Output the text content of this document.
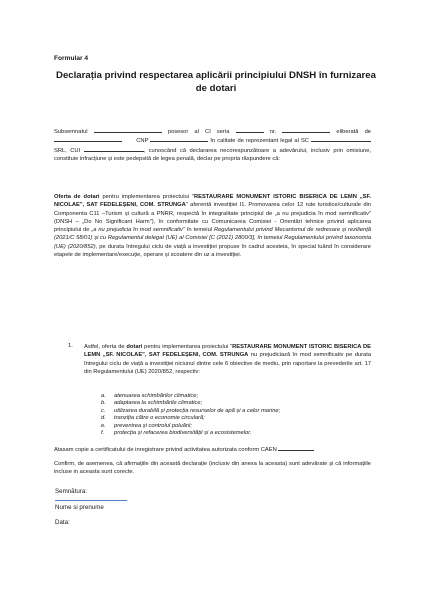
Formular 4

Declarația privind respectarea aplicării principiului DNSH în furnizarea de dotari

Subsemnatul	posesor al CI seria	nr.	eliberată de        CNP	în calitate de reprezentant legal al SC  SRL, CUI	, cunoscând că declararea necorespunzătoare a adevărului, inclusiv prin omisiune, constituie infracțiune și este pedepsită de legea penală, declar pe propria răspundere că:

Oferta de dotari pentru implementarea proiectului "RESTAURARE MONUMENT ISTORIC BISERICA DE LEMN „SF. NICOLAE", SAT FEDELEȘENI, COM. STRUNGA" aferentă investiției I1. Promovarea celor 12 rute turistice/culturale din Componenta C11 –Turism și cultură a PNRR, respectă în integralitate principiul de „a nu prejudicia în mod semnificativ" (DNSH – „Do No Significant Harm"), în conformitate cu Comunicarea Comisiei - Orientări tehnice privind aplicarea principiului de „a nu prejudicia în mod semnificativ" în temeiul Regulamentului privind Mecanismul de redresare și reziliență (2021/C 58/01) și cu Regulamentul delegat (UE) al Comisiei [C (2021) 2800/3], în temeiul Regulamentului privind taxonomia (UE) (2020/852), pe durata întregului ciclu de viață a investiției propuse în cadrul acesteia, în special luând în considerare etapele de implementare/execuție, operare și scoatere din uz a investiției.

1. Astfel, oferta de dotari pentru implementarea proiectului "RESTAURARE MONUMENT ISTORIC BISERICA DE LEMN „SF. NICOLAE", SAT FEDELEȘENI, COM. STRUNGA nu prejudiciază în mod semnificativ pe durata întregului ciclu de viață a investiției niciunul dintre cele 6 obiective de mediu, prin raportare la prevederile art. 17 din Regulamentului (UE) 2020/852, respectiv:

a. atenuarea schimbărilor climatice;
b. adaptarea la schimbările climatice;
c. utilizarea durabilă și protecția resurselor de apă și a celor marine;
d. tranziția către o economie circulară;
e. prevenirea și controlul poluării;
f. protecția și refacerea biodiversității și a ecosistemelor.

Atasam copie a certificatului de inregistrare privind activitatea autorizata conform CAEN

Confirm, de asemenea, că afirmațiile din această declarație (inclusiv din anexa la aceasta) sunt adevărate și că informațiile incluse in aceasta sunt corecte.

Semnătura:

Nume si prenume

Data:
